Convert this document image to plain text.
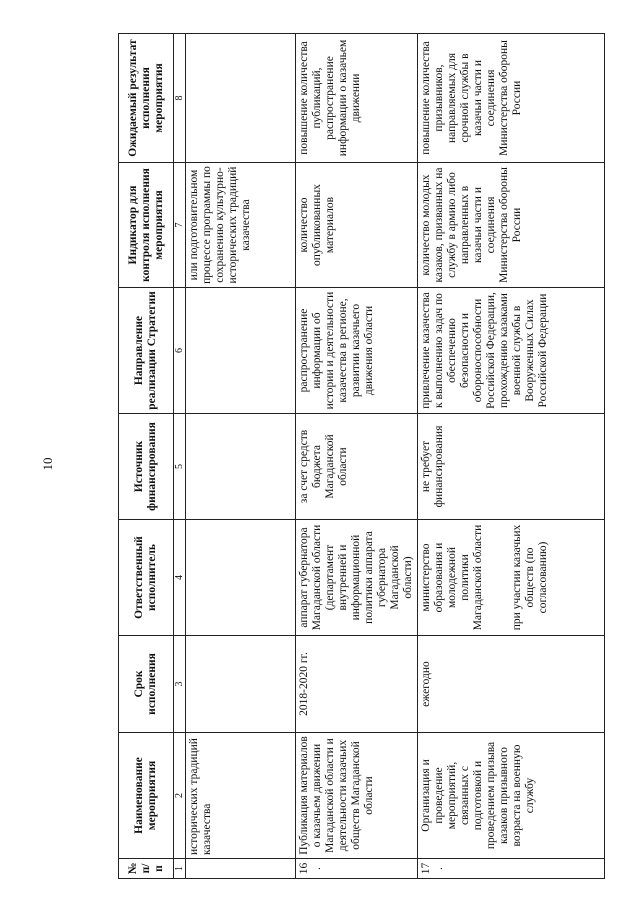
10
№ п/п	Наименование мероприятия	Срок исполнения	Ответственный исполнитель	Источник финансирования	Направление реализации Стратегии	Индикатор для контроля исполнения мероприятия	Ожидаемый результат исполнения мероприятия
1	2	3	4	5	6	7	8
	исторических традиций казачества					или подготовительном процессе программы по сохранению культурно-исторических традиций казачества	
16.	Публикация материалов о казачьем движении Магаданской области и деятельности казачьих обществ Магаданской области	2018-2020 гг.	аппарат губернатора Магаданской области (департамент внутренней и информационной политики аппарата губернатора Магаданской области)	за счет средств бюджета Магаданской области	распространение информации об истории и деятельности казачества в регионе, развитии казачьего движения области	количество опубликованных материалов	повышение количества публикаций, распространение информации о казачьем движении
17.	Организация и проведение мероприятий, связанных с подготовкой и проведением призыва казаков призывного возраста на военную службу	ежегодно	министерство образования и молодежной политики Магаданской области при участии казачьих обществ (по согласованию)	не требует финансирования	привлечение казачества к выполнению задач по обеспечению безопасности и обороноспособности Российской Федерации, прохождению казаками военной службы в Вооруженных Силах Российской Федерации	количество молодых казаков, призванных на службу в армию либо направленных в казачьи части и соединения Министерства обороны России	повышение количества призывников, направляемых для срочной службы в казачьи части и соединения Министерства обороны России
